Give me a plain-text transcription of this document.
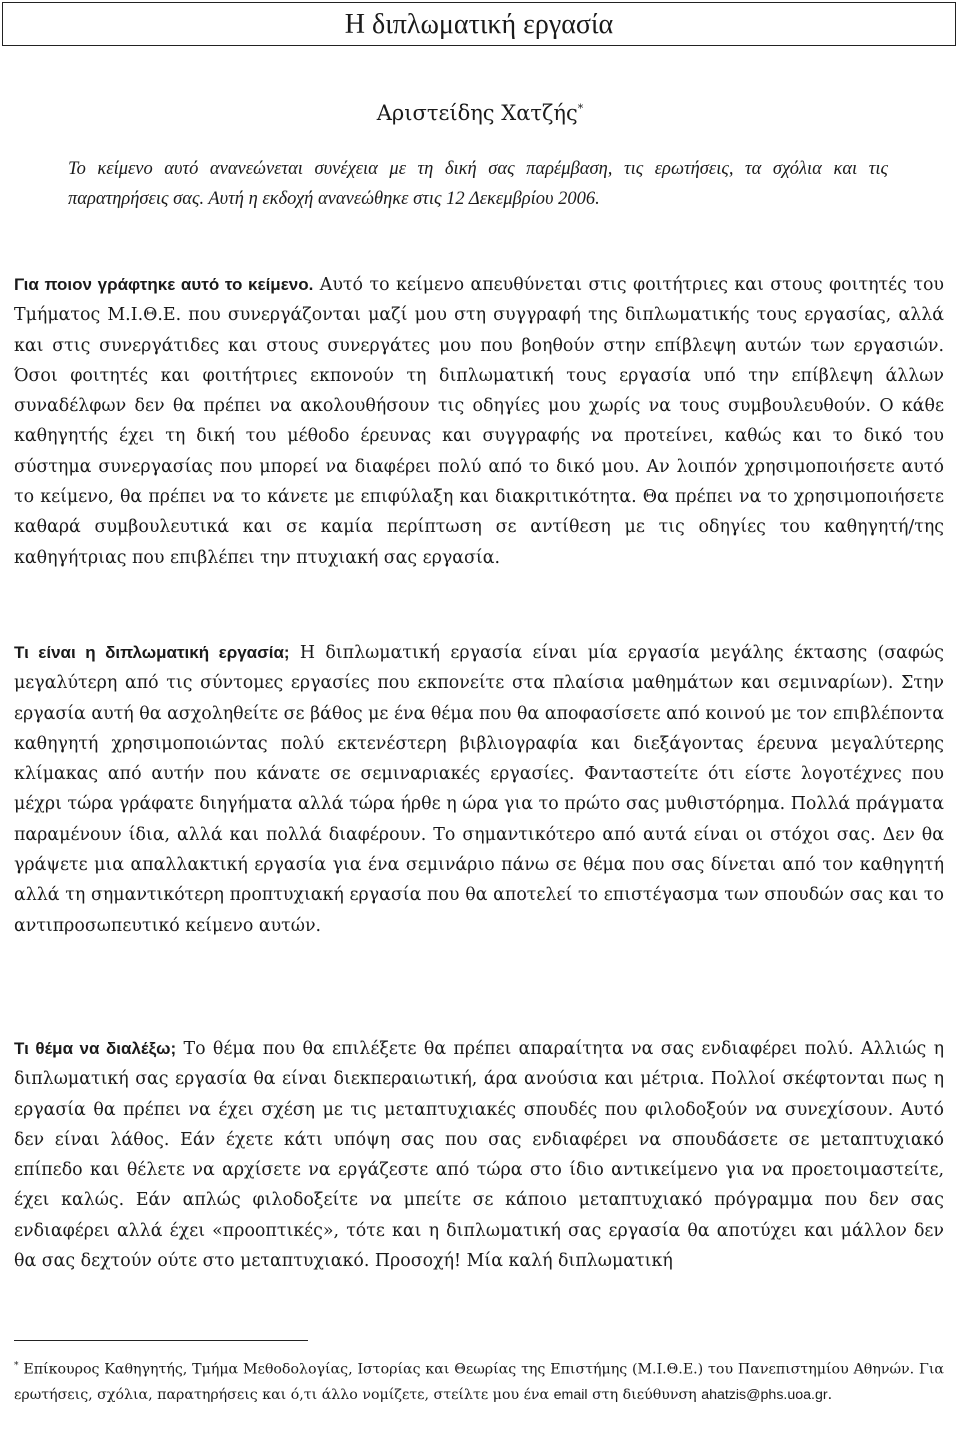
Η διπλωματική εργασία
Αριστείδης Χατζής*
Το κείμενο αυτό ανανεώνεται συνέχεια με τη δική σας παρέμβαση, τις ερωτήσεις, τα σχόλια και τις παρατηρήσεις σας. Αυτή η εκδοχή ανανεώθηκε στις 12 Δεκεμβρίου 2006.
Για ποιον γράφτηκε αυτό το κείμενο. Αυτό το κείμενο απευθύνεται στις φοιτήτριες και στους φοιτητές του Τμήματος Μ.Ι.Θ.Ε. που συνεργάζονται μαζί μου στη συγγραφή της διπλωματικής τους εργασίας, αλλά και στις συνεργάτιδες και στους συνεργάτες μου που βοηθούν στην επίβλεψη αυτών των εργασιών. Όσοι φοιτητές και φοιτήτριες εκπονούν τη διπλωματική τους εργασία υπό την επίβλεψη άλλων συναδέλφων δεν θα πρέπει να ακολουθήσουν τις οδηγίες μου χωρίς να τους συμβουλευθούν. Ο κάθε καθηγητής έχει τη δική του μέθοδο έρευνας και συγγραφής να προτείνει, καθώς και το δικό του σύστημα συνεργασίας που μπορεί να διαφέρει πολύ από το δικό μου. Αν λοιπόν χρησιμοποιήσετε αυτό το κείμενο, θα πρέπει να το κάνετε με επιφύλαξη και διακριτικότητα. Θα πρέπει να το χρησιμοποιήσετε καθαρά συμβουλευτικά και σε καμία περίπτωση σε αντίθεση με τις οδηγίες του καθηγητή/της καθηγήτριας που επιβλέπει την πτυχιακή σας εργασία.
Τι είναι η διπλωματική εργασία; Η διπλωματική εργασία είναι μία εργασία μεγάλης έκτασης (σαφώς μεγαλύτερη από τις σύντομες εργασίες που εκπονείτε στα πλαίσια μαθημάτων και σεμιναρίων). Στην εργασία αυτή θα ασχοληθείτε σε βάθος με ένα θέμα που θα αποφασίσετε από κοινού με τον επιβλέποντα καθηγητή χρησιμοποιώντας πολύ εκτενέστερη βιβλιογραφία και διεξάγοντας έρευνα μεγαλύτερης κλίμακας από αυτήν που κάνατε σε σεμιναριακές εργασίες. Φανταστείτε ότι είστε λογοτέχνες που μέχρι τώρα γράφατε διηγήματα αλλά τώρα ήρθε η ώρα για το πρώτο σας μυθιστόρημα. Πολλά πράγματα παραμένουν ίδια, αλλά και πολλά διαφέρουν. Το σημαντικότερο από αυτά είναι οι στόχοι σας. Δεν θα γράψετε μια απαλλακτική εργασία για ένα σεμινάριο πάνω σε θέμα που σας δίνεται από τον καθηγητή αλλά τη σημαντικότερη προπτυχιακή εργασία που θα αποτελεί το επιστέγασμα των σπουδών σας και το αντιπροσωπευτικό κείμενο αυτών.
Τι θέμα να διαλέξω; Το θέμα που θα επιλέξετε θα πρέπει απαραίτητα να σας ενδιαφέρει πολύ. Αλλιώς η διπλωματική σας εργασία θα είναι διεκπεραιωτική, άρα ανούσια και μέτρια. Πολλοί σκέφτονται πως η εργασία θα πρέπει να έχει σχέση με τις μεταπτυχιακές σπουδές που φιλοδοξούν να συνεχίσουν. Αυτό δεν είναι λάθος. Εάν έχετε κάτι υπόψη σας που σας ενδιαφέρει να σπουδάσετε σε μεταπτυχιακό επίπεδο και θέλετε να αρχίσετε να εργάζεστε από τώρα στο ίδιο αντικείμενο για να προετοιμαστείτε, έχει καλώς. Εάν απλώς φιλοδοξείτε να μπείτε σε κάποιο μεταπτυχιακό πρόγραμμα που δεν σας ενδιαφέρει αλλά έχει «προοπτικές», τότε και η διπλωματική σας εργασία θα αποτύχει και μάλλον δεν θα σας δεχτούν ούτε στο μεταπτυχιακό. Προσοχή! Μία καλή διπλωματική
* Επίκουρος Καθηγητής, Τμήμα Μεθοδολογίας, Ιστορίας και Θεωρίας της Επιστήμης (Μ.Ι.Θ.Ε.) του Πανεπιστημίου Αθηνών. Για ερωτήσεις, σχόλια, παρατηρήσεις και ό,τι άλλο νομίζετε, στείλτε μου ένα email στη διεύθυνση ahatzis@phs.uoa.gr.
